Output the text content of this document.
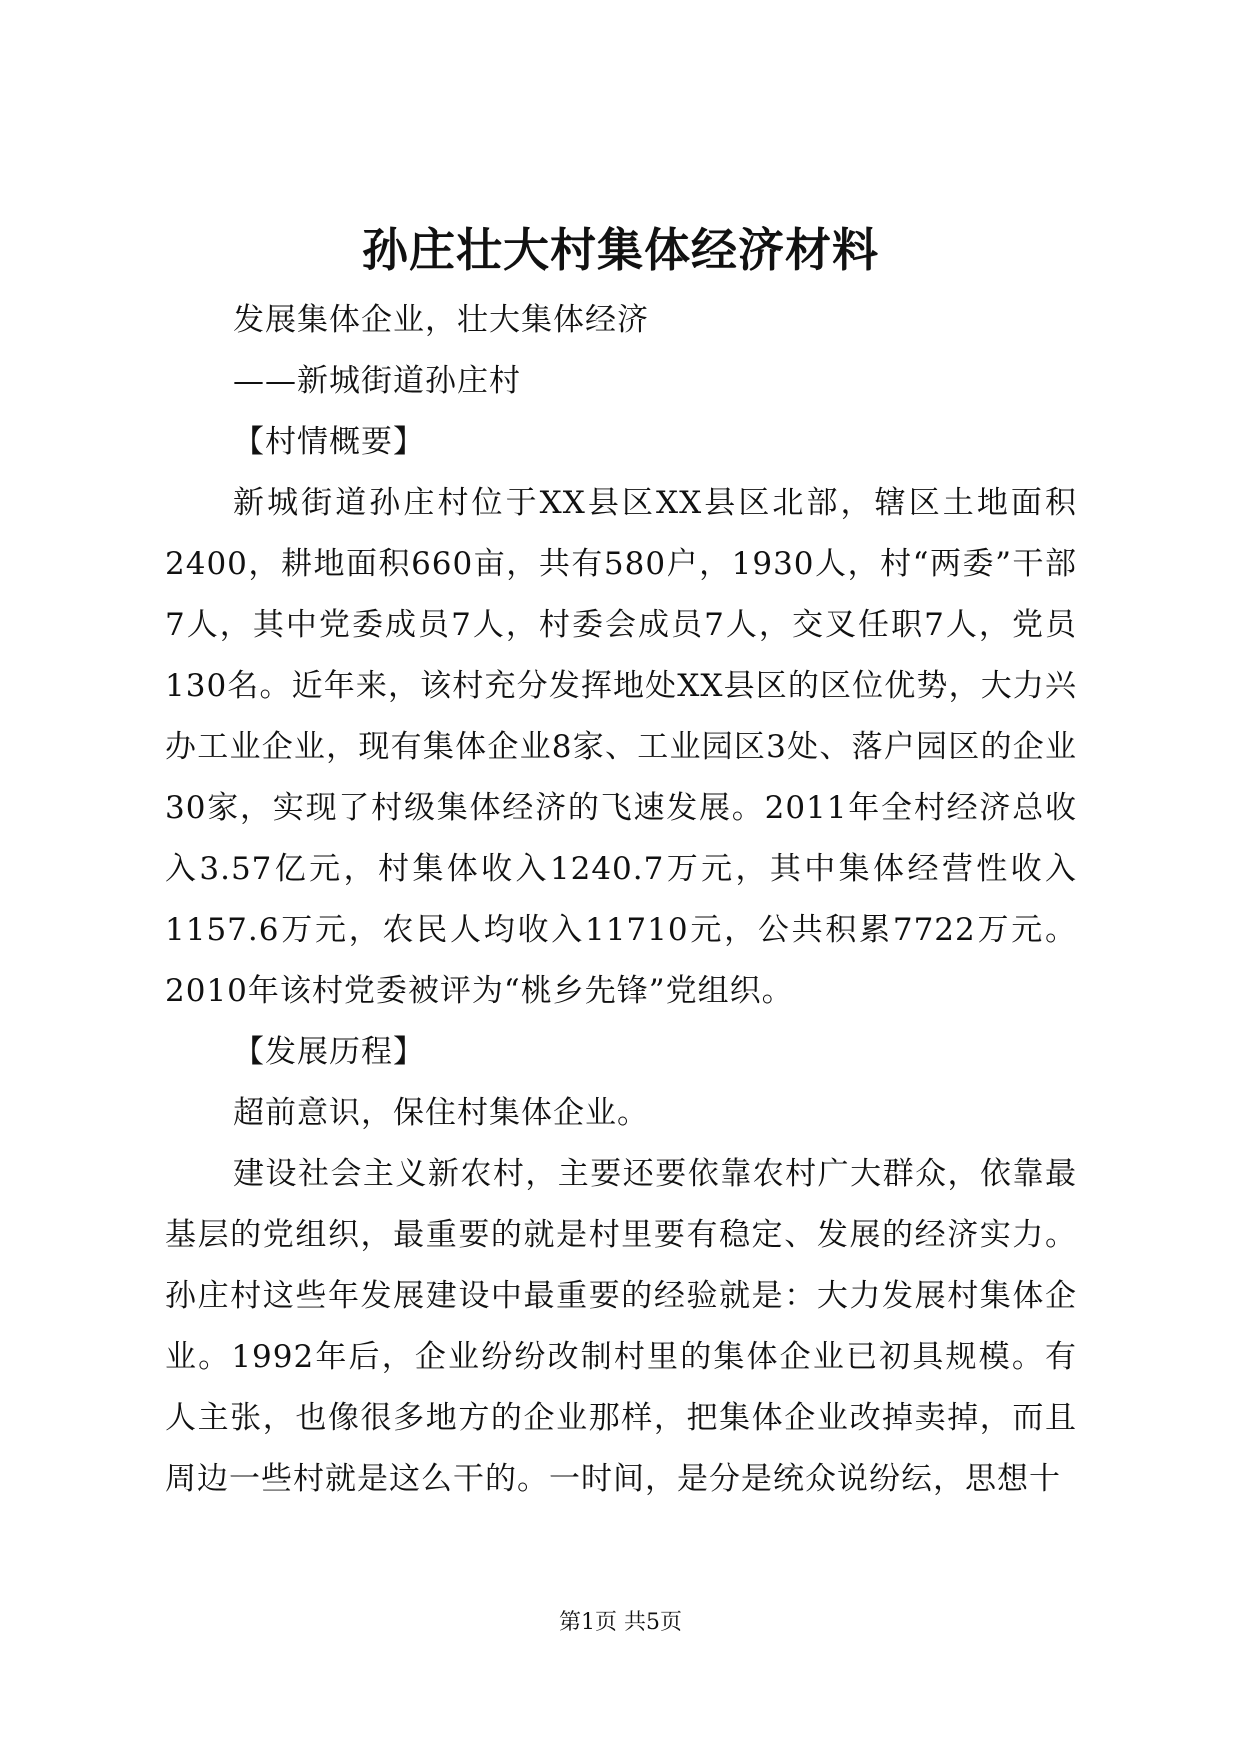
孙庄壮大村集体经济材料

发展集体企业，壮大集体经济

——新城街道孙庄村

【村情概要】

新城街道孙庄村位于XX县区XX县区北部，辖区土地面积2400，耕地面积660亩，共有580户，1930人，村“两委”干部7人，其中党委成员7人，村委会成员7人，交叉任职7人，党员130名。近年来，该村充分发挥地处XX县区的区位优势，大力兴办工业企业，现有集体企业8家、工业园区3处、落户园区的企业30家，实现了村级集体经济的飞速发展。2011年全村经济总收入3.57亿元，村集体收入1240.7万元，其中集体经营性收入1157.6万元，农民人均收入11710元，公共积累7722万元。2010年该村党委被评为“桃乡先锋”党组织。

【发展历程】

超前意识，保住村集体企业。

建设社会主义新农村，主要还要依靠农村广大群众，依靠最基层的党组织，最重要的就是村里要有稳定、发展的经济实力。孙庄村这些年发展建设中最重要的经验就是：大力发展村集体企业。1992年后，企业纷纷改制村里的集体企业已初具规模。有人主张，也像很多地方的企业那样，把集体企业改掉卖掉，而且周边一些村就是这么干的。一时间，是分是统众说纷纭，思想十

第1页 共5页
